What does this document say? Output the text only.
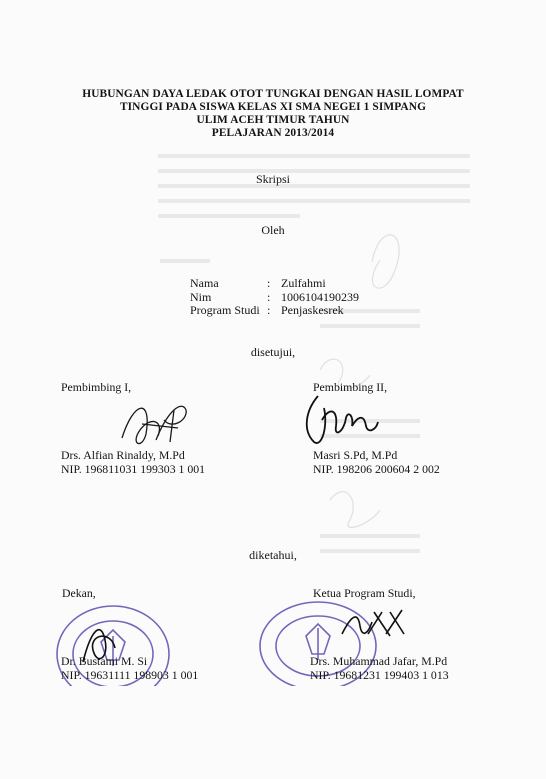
HUBUNGAN DAYA LEDAK OTOT TUNGKAI DENGAN HASIL LOMPAT
TINGGI PADA SISWA KELAS XI SMA NEGEI 1 SIMPANG
ULIM ACEH TIMUR TAHUN
PELAJARAN 2013/2014
Skripsi
Oleh
Nama	: Zulfahmi
Nim	: 1006104190239
Program Studi : Penjaskesrek
disetujui,
Pembimbing I,
Drs. Alfian Rinaldy, M.Pd
NIP. 196811031 199303 1 001
Pembimbing II,
Masri S.Pd, M.Pd
NIP. 198206 200604 2 002
diketahui,
Dekan,
Dr. Bustami M. Si
NIP. 19631111 198903 1 001
Ketua Program Studi,
Drs. Muhammad Jafar, M.Pd
NIP. 19681231 199403 1 013
